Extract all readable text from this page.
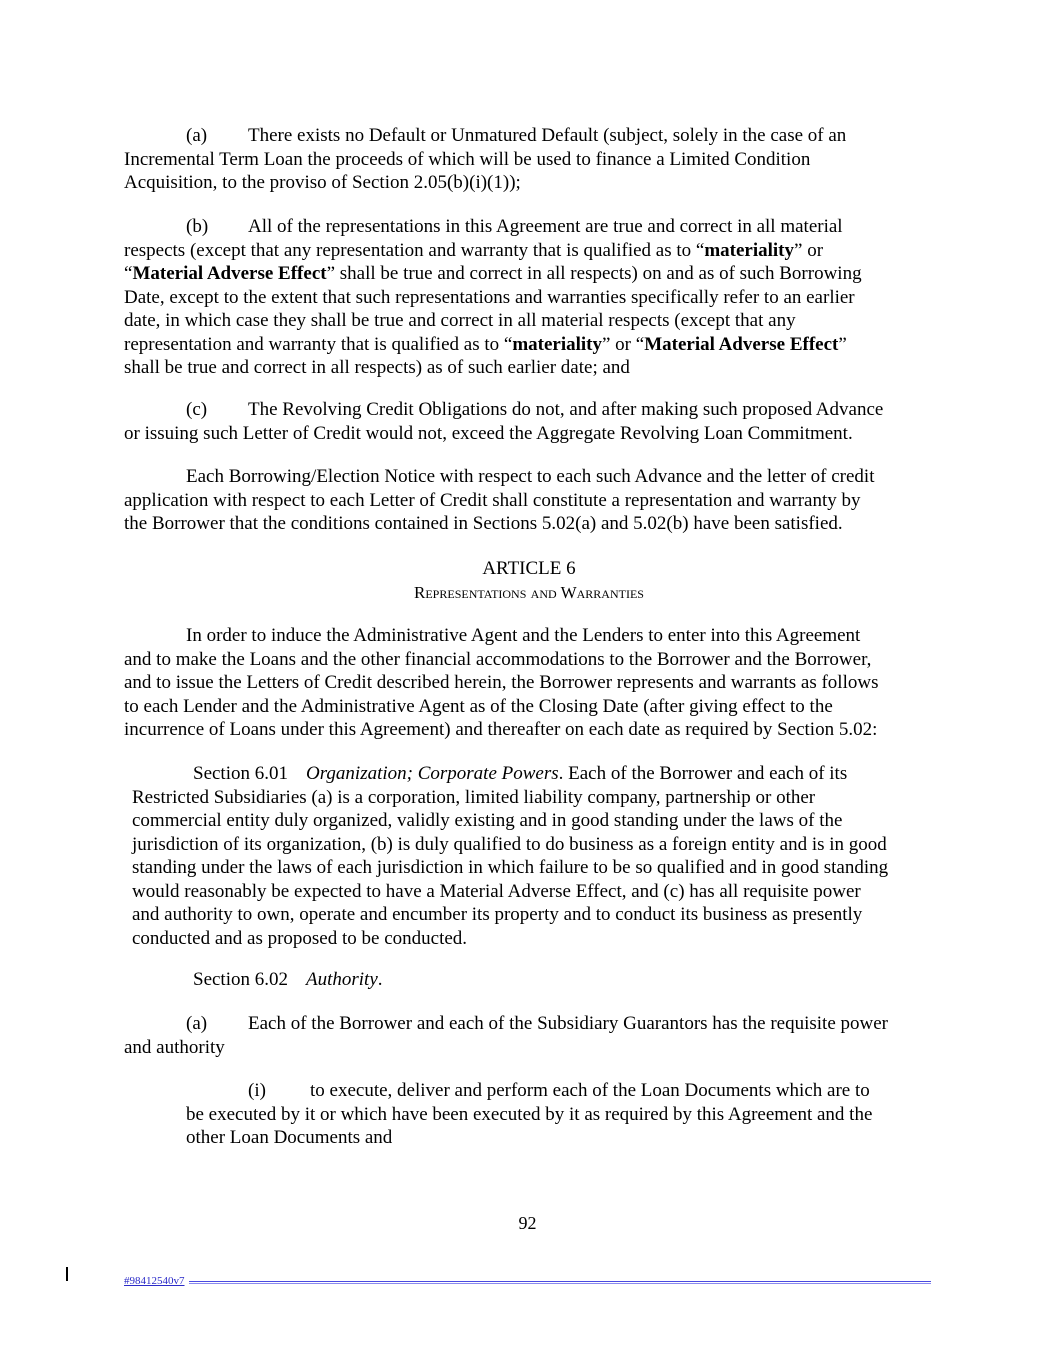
(a) There exists no Default or Unmatured Default (subject, solely in the case of an
Incremental Term Loan the proceeds of which will be used to finance a Limited Condition
Acquisition, to the proviso of Section 2.05(b)(i)(1));

(b) All of the representations in this Agreement are true and correct in all material
respects (except that any representation and warranty that is qualified as to “materiality” or
“Material Adverse Effect” shall be true and correct in all respects) on and as of such Borrowing
Date, except to the extent that such representations and warranties specifically refer to an earlier
date, in which case they shall be true and correct in all material respects (except that any
representation and warranty that is qualified as to “materiality” or “Material Adverse Effect”
shall be true and correct in all respects) as of such earlier date; and

(c) The Revolving Credit Obligations do not, and after making such proposed Advance
or issuing such Letter of Credit would not, exceed the Aggregate Revolving Loan Commitment.

Each Borrowing/Election Notice with respect to each such Advance and the letter of credit
application with respect to each Letter of Credit shall constitute a representation and warranty by
the Borrower that the conditions contained in Sections 5.02(a) and 5.02(b) have been satisfied.

ARTICLE 6

Representations and Warranties

In order to induce the Administrative Agent and the Lenders to enter into this Agreement
and to make the Loans and the other financial accommodations to the Borrower and the Borrower,
and to issue the Letters of Credit described herein, the Borrower represents and warrants as follows
to each Lender and the Administrative Agent as of the Closing Date (after giving effect to the
incurrence of Loans under this Agreement) and thereafter on each date as required by Section 5.02:

Section 6.01 Organization; Corporate Powers. Each of the Borrower and each of its
Restricted Subsidiaries (a) is a corporation, limited liability company, partnership or other
commercial entity duly organized, validly existing and in good standing under the laws of the
jurisdiction of its organization, (b) is duly qualified to do business as a foreign entity and is in good
standing under the laws of each jurisdiction in which failure to be so qualified and in good standing
would reasonably be expected to have a Material Adverse Effect, and (c) has all requisite power
and authority to own, operate and encumber its property and to conduct its business as presently
conducted and as proposed to be conducted.

Section 6.02 Authority.

(a) Each of the Borrower and each of the Subsidiary Guarantors has the requisite power
and authority

(i) to execute, deliver and perform each of the Loan Documents which are to
be executed by it or which have been executed by it as required by this Agreement and the
other Loan Documents and

92
#98412540v7
